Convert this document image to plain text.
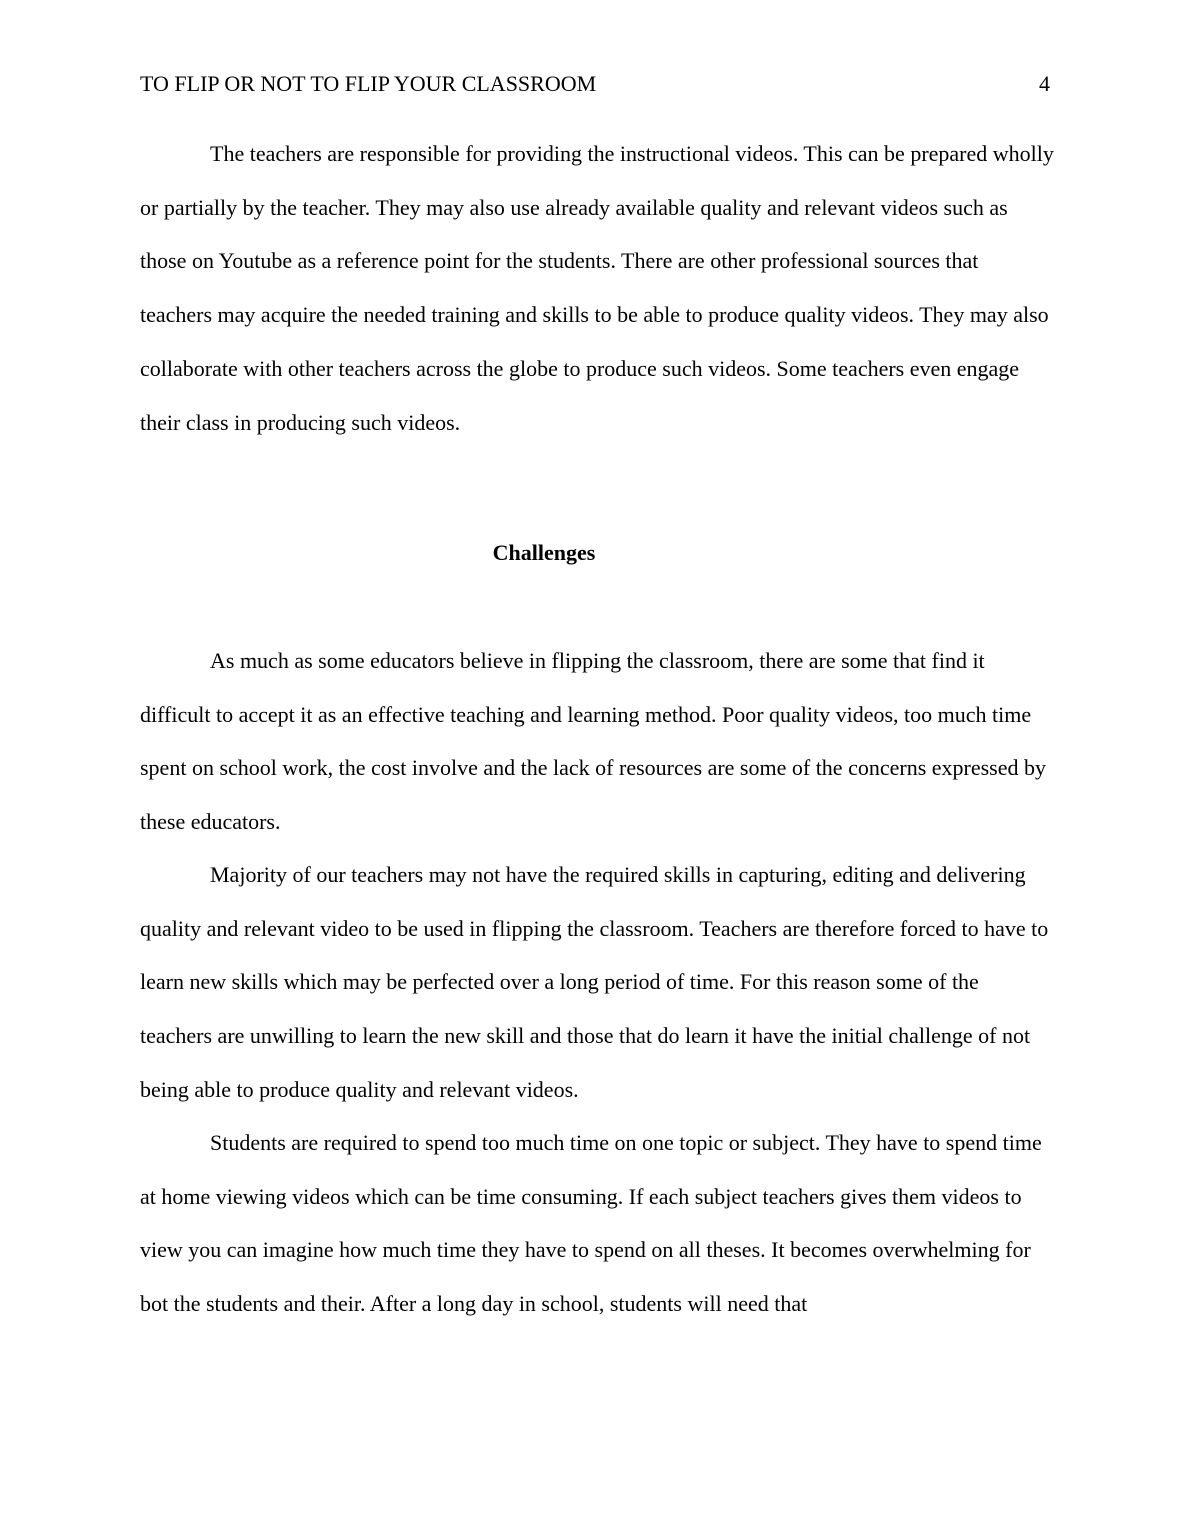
TO FLIP OR NOT TO FLIP YOUR CLASSROOM	4

The teachers are responsible for providing the instructional videos. This can be prepared wholly or partially by the teacher. They may also use already available quality and relevant videos such as those on Youtube as a reference point for the students. There are other professional sources that teachers may acquire the needed training and skills to be able to produce quality videos. They may also collaborate with other teachers across the globe to produce such videos. Some teachers even engage their class in producing such videos.

Challenges

As much as some educators believe in flipping the classroom, there are some that find it difficult to accept it as an effective teaching and learning method. Poor quality videos, too much time spent on school work, the cost involve and the lack of resources are some of the concerns expressed by these educators.

Majority of our teachers may not have the required skills in capturing, editing and delivering quality and relevant video to be used in flipping the classroom. Teachers are therefore forced to have to learn new skills which may be perfected over a long period of time. For this reason some of the teachers are unwilling to learn the new skill and those that do learn it have the initial challenge of not being able to produce quality and relevant videos.

Students are required to spend too much time on one topic or subject. They have to spend time at home viewing videos which can be time consuming. If each subject teachers gives them videos to view you can imagine how much time they have to spend on all theses. It becomes overwhelming for bot the students and their. After a long day in school, students will need that
